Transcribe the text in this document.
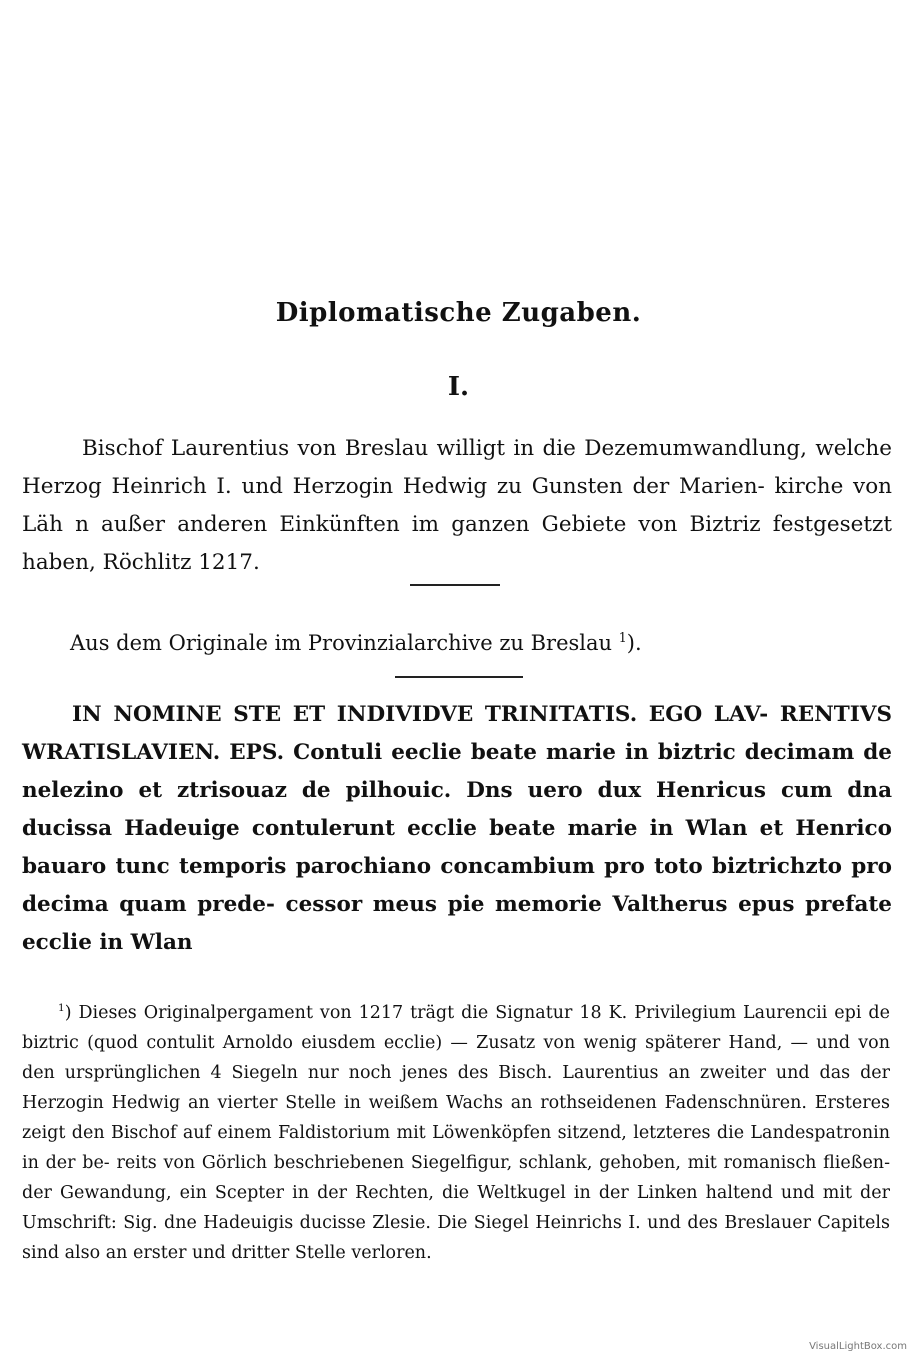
Diplomatische Zugaben.
I.
Bischof Laurentius von Breslau willigt in die Dezemumwandlung, welche Herzog Heinrich I. und Herzogin Hedwig zu Gunsten der Marien- kirche von Läh n außer anderen Einkünften im ganzen Gebiete von Biztriz festgesetzt haben, Röchlitz 1217.
Aus dem Originale im Provinzialarchive zu Breslau $^1$).
IN NOMINE STE ET INDIVIDVE TRINITATIS. EGO LAV- RENTIVS WRATISLAVIEN. EPS. Contuli eeclie beate marie in biztric decimam de nelezino et ztrisouaz de pilhouic. Dns uero dux Henricus cum dna ducissa Hadeuige contulerunt ecclie beate marie in Wlan et Henrico bauaro tunc temporis parochiano concambium pro toto biztrichzto pro decima quam prede- cessor meus pie memorie Valtherus epus prefate ecclie in Wlan
$^1$) Dieses Originalpergament von 1217 trägt die Signatur 18 K. Privilegium Laurencii epi de biztric (quod contulit Arnoldo eiusdem ecclie) — Zusatz von wenig späterer Hand, — und von den ursprünglichen 4 Siegeln nur noch jenes des Bisch. Laurentius an zweiter und das der Herzogin Hedwig an vierter Stelle in weißem Wachs an rothseidenen Fadenschnüren. Ersteres zeigt den Bischof auf einem Faldistorium mit Löwenköpfen sitzend, letzteres die Landespatronin in der be- reits von Görlich beschriebenen Siegelfigur, schlank, gehoben, mit romanisch fließen- der Gewandung, ein Scepter in der Rechten, die Weltkugel in der Linken haltend und mit der Umschrift: Sig. dne Hadeuigis ducisse Zlesie. Die Siegel Heinrichs I. und des Breslauer Capitels sind also an erster und dritter Stelle verloren.
VisualLightBox.com
